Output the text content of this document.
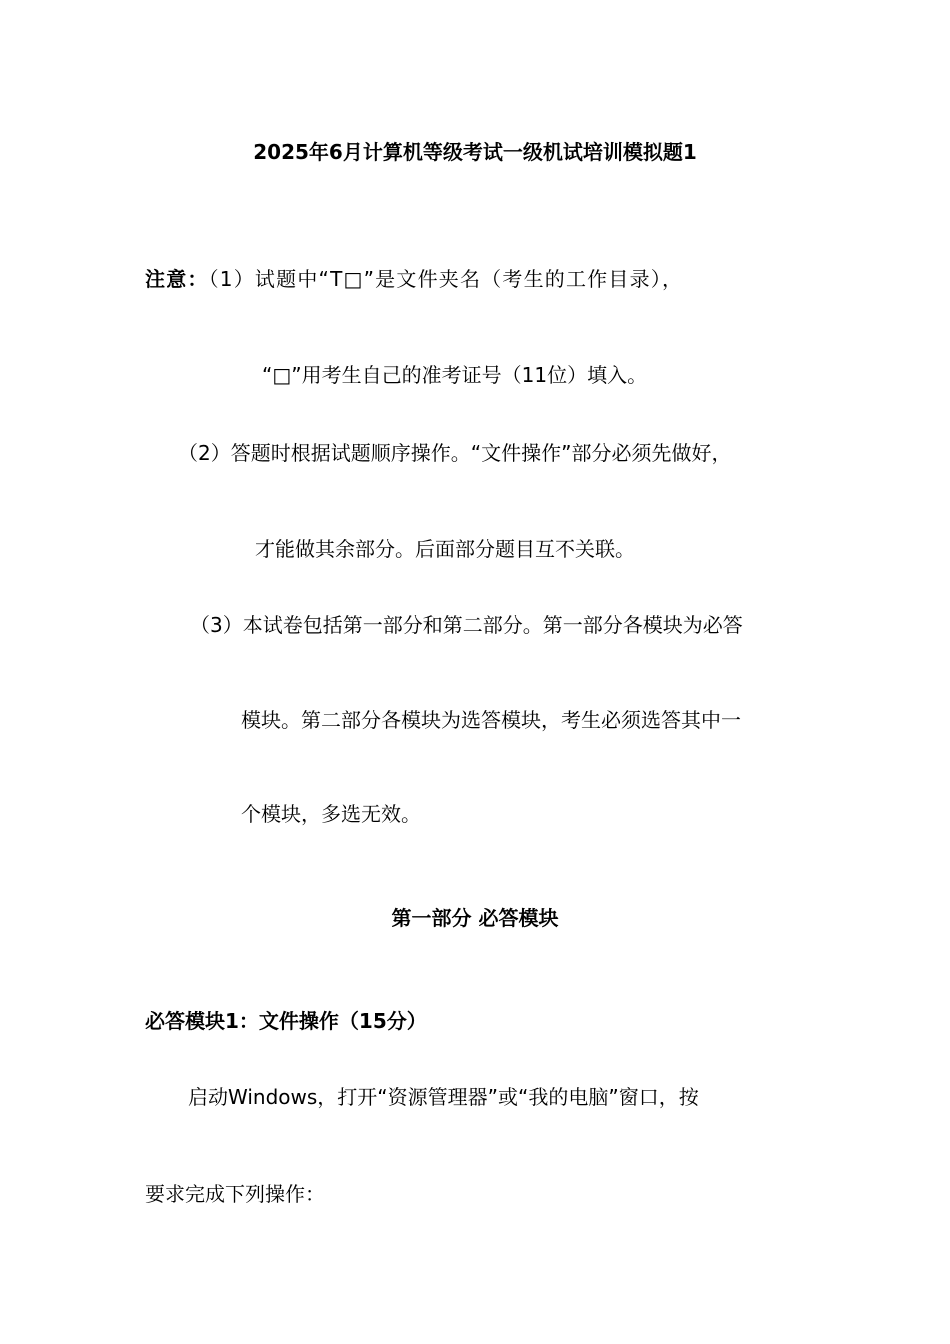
2025年6月计算机等级考试一级机试培训模拟题1
注意：（1）试题中“T□”是文件夹名（考生的工作目录），
“□”用考生自己的准考证号（11位）填入。
（2）答题时根据试题顺序操作。“文件操作”部分必须先做好，
才能做其余部分。后面部分题目互不关联。
（3）本试卷包括第一部分和第二部分。第一部分各模块为必答
模块。第二部分各模块为选答模块，考生必须选答其中一
个模块，多选无效。
第一部分 必答模块
必答模块1：文件操作（15分）
启动Windows，打开“资源管理器”或“我的电脑”窗口，按
要求完成下列操作：
